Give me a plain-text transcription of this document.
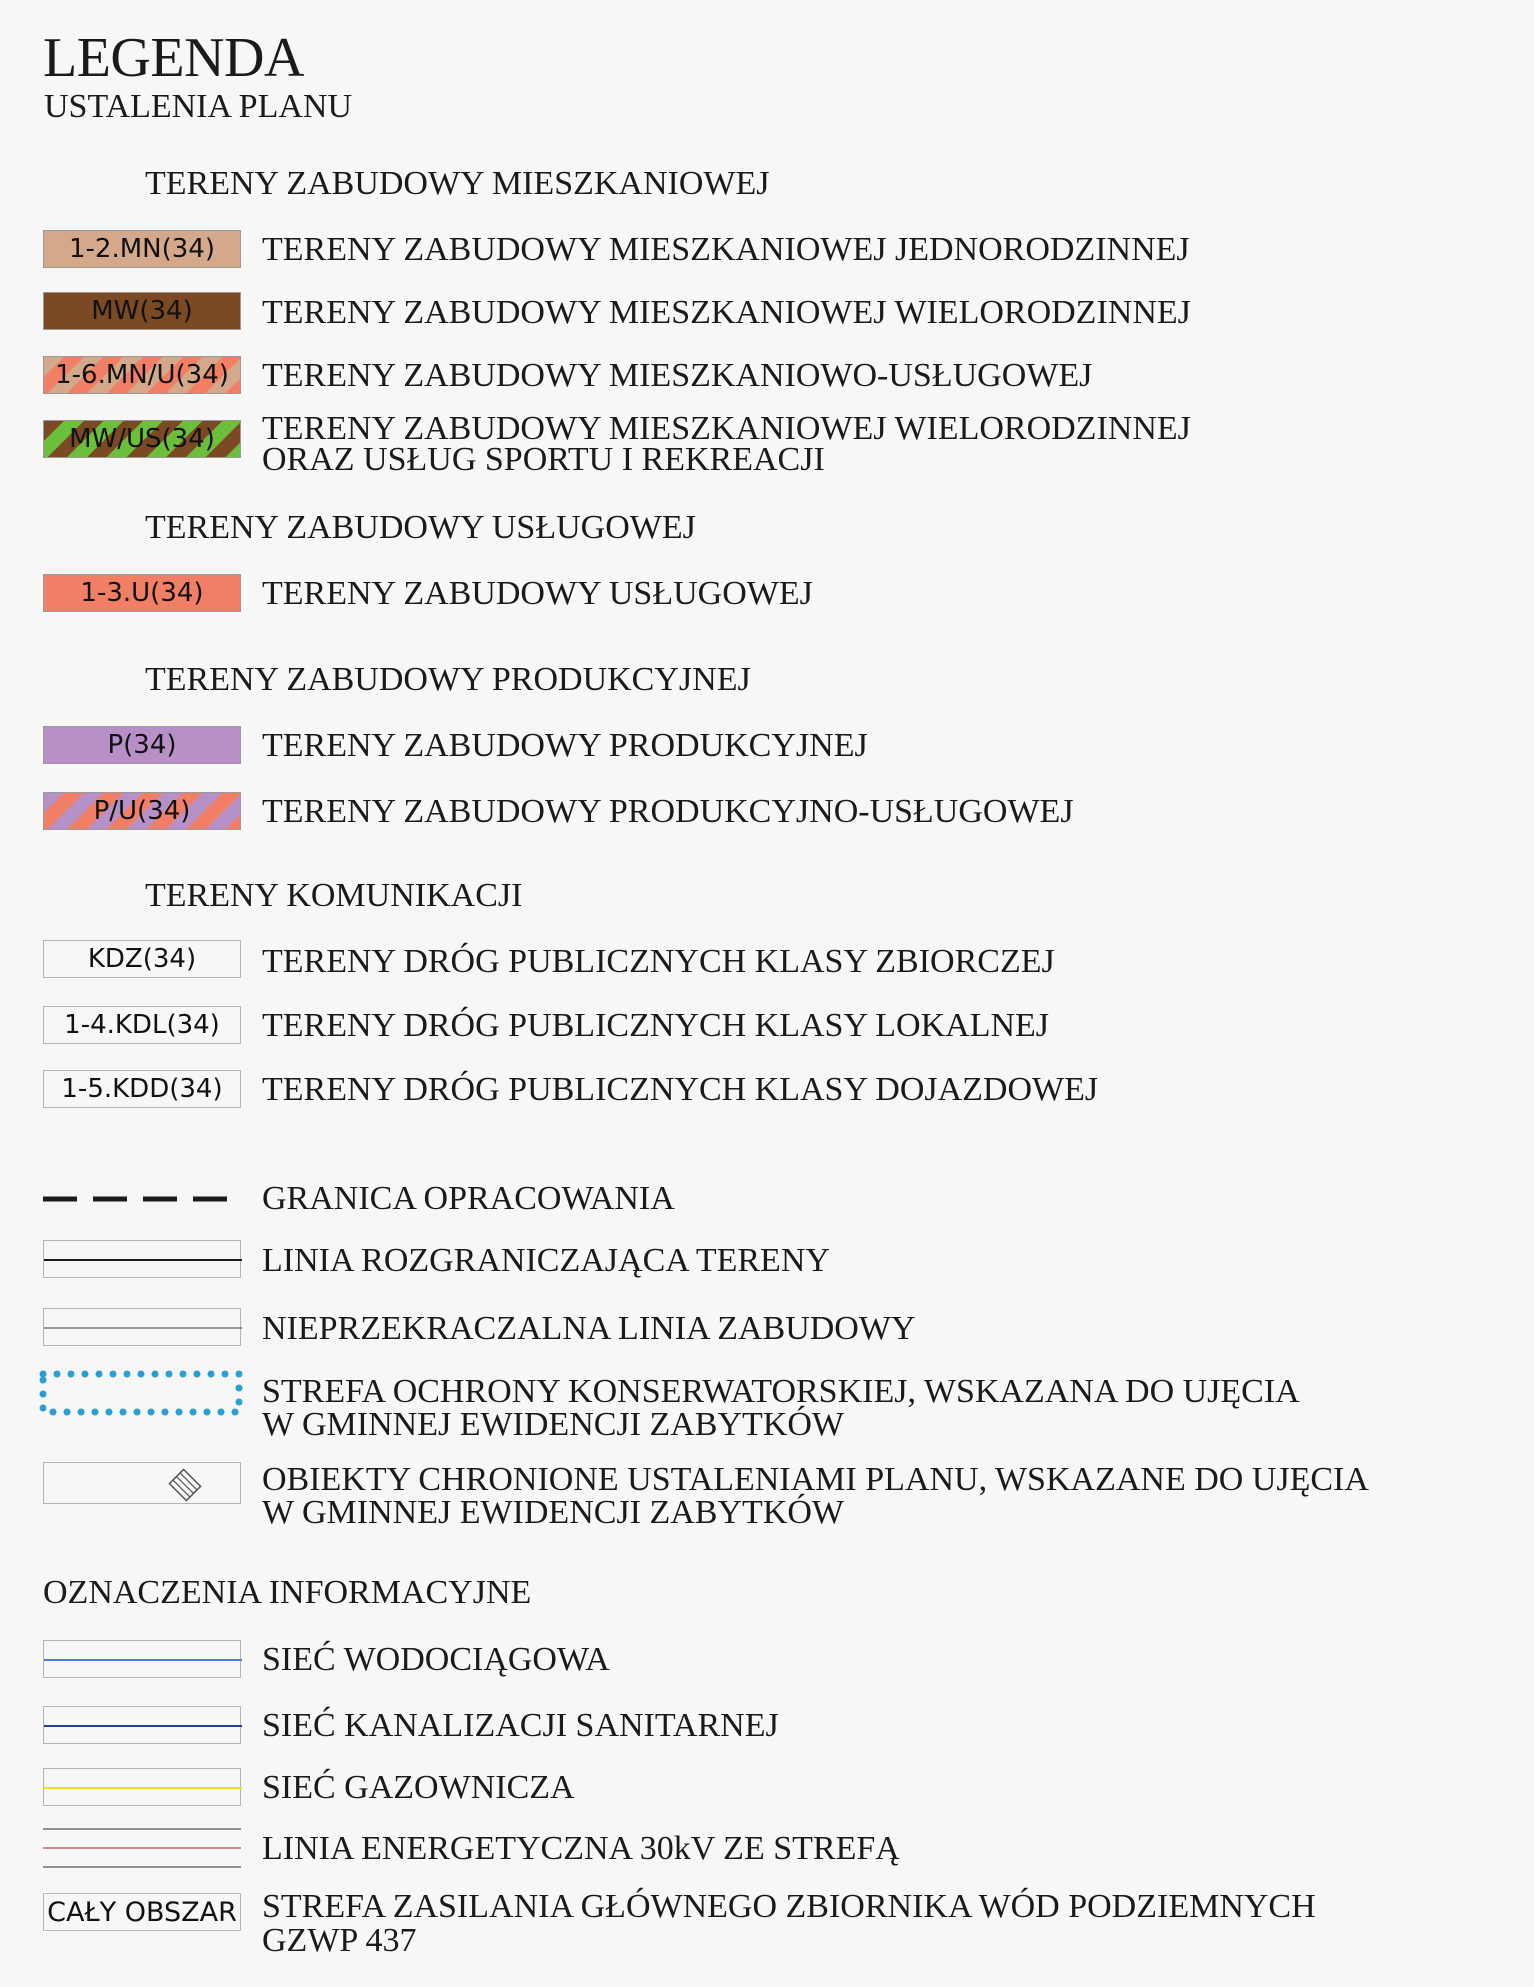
LEGENDA
USTALENIA PLANU
TERENY ZABUDOWY MIESZKANIOWEJ
1-2.MN(34) TERENY ZABUDOWY MIESZKANIOWEJ JEDNORODZINNEJ
MW(34) TERENY ZABUDOWY MIESZKANIOWEJ WIELORODZINNEJ
1-6.MN/U(34) TERENY ZABUDOWY MIESZKANIOWO-USŁUGOWEJ
MW/US(34) TERENY ZABUDOWY MIESZKANIOWEJ WIELORODZINNEJ
ORAZ USŁUG SPORTU I REKREACJI
TERENY ZABUDOWY USŁUGOWEJ
1-3.U(34) TERENY ZABUDOWY USŁUGOWEJ
TERENY ZABUDOWY PRODUKCYJNEJ
P(34)	TERENY ZABUDOWY PRODUKCYJNEJ
P/U(34) TERENY ZABUDOWY PRODUKCYJNO-USŁUGOWEJ
TERENY KOMUNIKACJI
KDZ(34) TERENY DRÓG PUBLICZNYCH KLASY ZBIORCZEJ
1-4.KDL(34) TERENY DRÓG PUBLICZNYCH KLASY LOKALNEJ
1-5.KDD(34) TERENY DRÓG PUBLICZNYCH KLASY DOJAZDOWEJ
GRANICA OPRACOWANIA
LINIA ROZGRANICZAJĄCA TERENY
NIEPRZEKRACZALNA LINIA ZABUDOWY
STREFA OCHRONY KONSERWATORSKIEJ, WSKAZANA DO UJĘCIA
W GMINNEJ EWIDENCJI ZABYTKÓW
OBIEKTY CHRONIONE USTALENIAMI PLANU, WSKAZANE DO UJĘCIA
W GMINNEJ EWIDENCJI ZABYTKÓW
OZNACZENIA INFORMACYJNE
SIEĆ WODOCIĄGOWA
SIEĆ KANALIZACJI SANITARNEJ
SIEĆ GAZOWNICZA
LINIA ENERGETYCZNA 30kV ZE STREFĄ
CAŁY OBSZAR STREFA ZASILANIA GŁÓWNEGO ZBIORNIKA WÓD PODZIEMNYCH
GZWP 437
